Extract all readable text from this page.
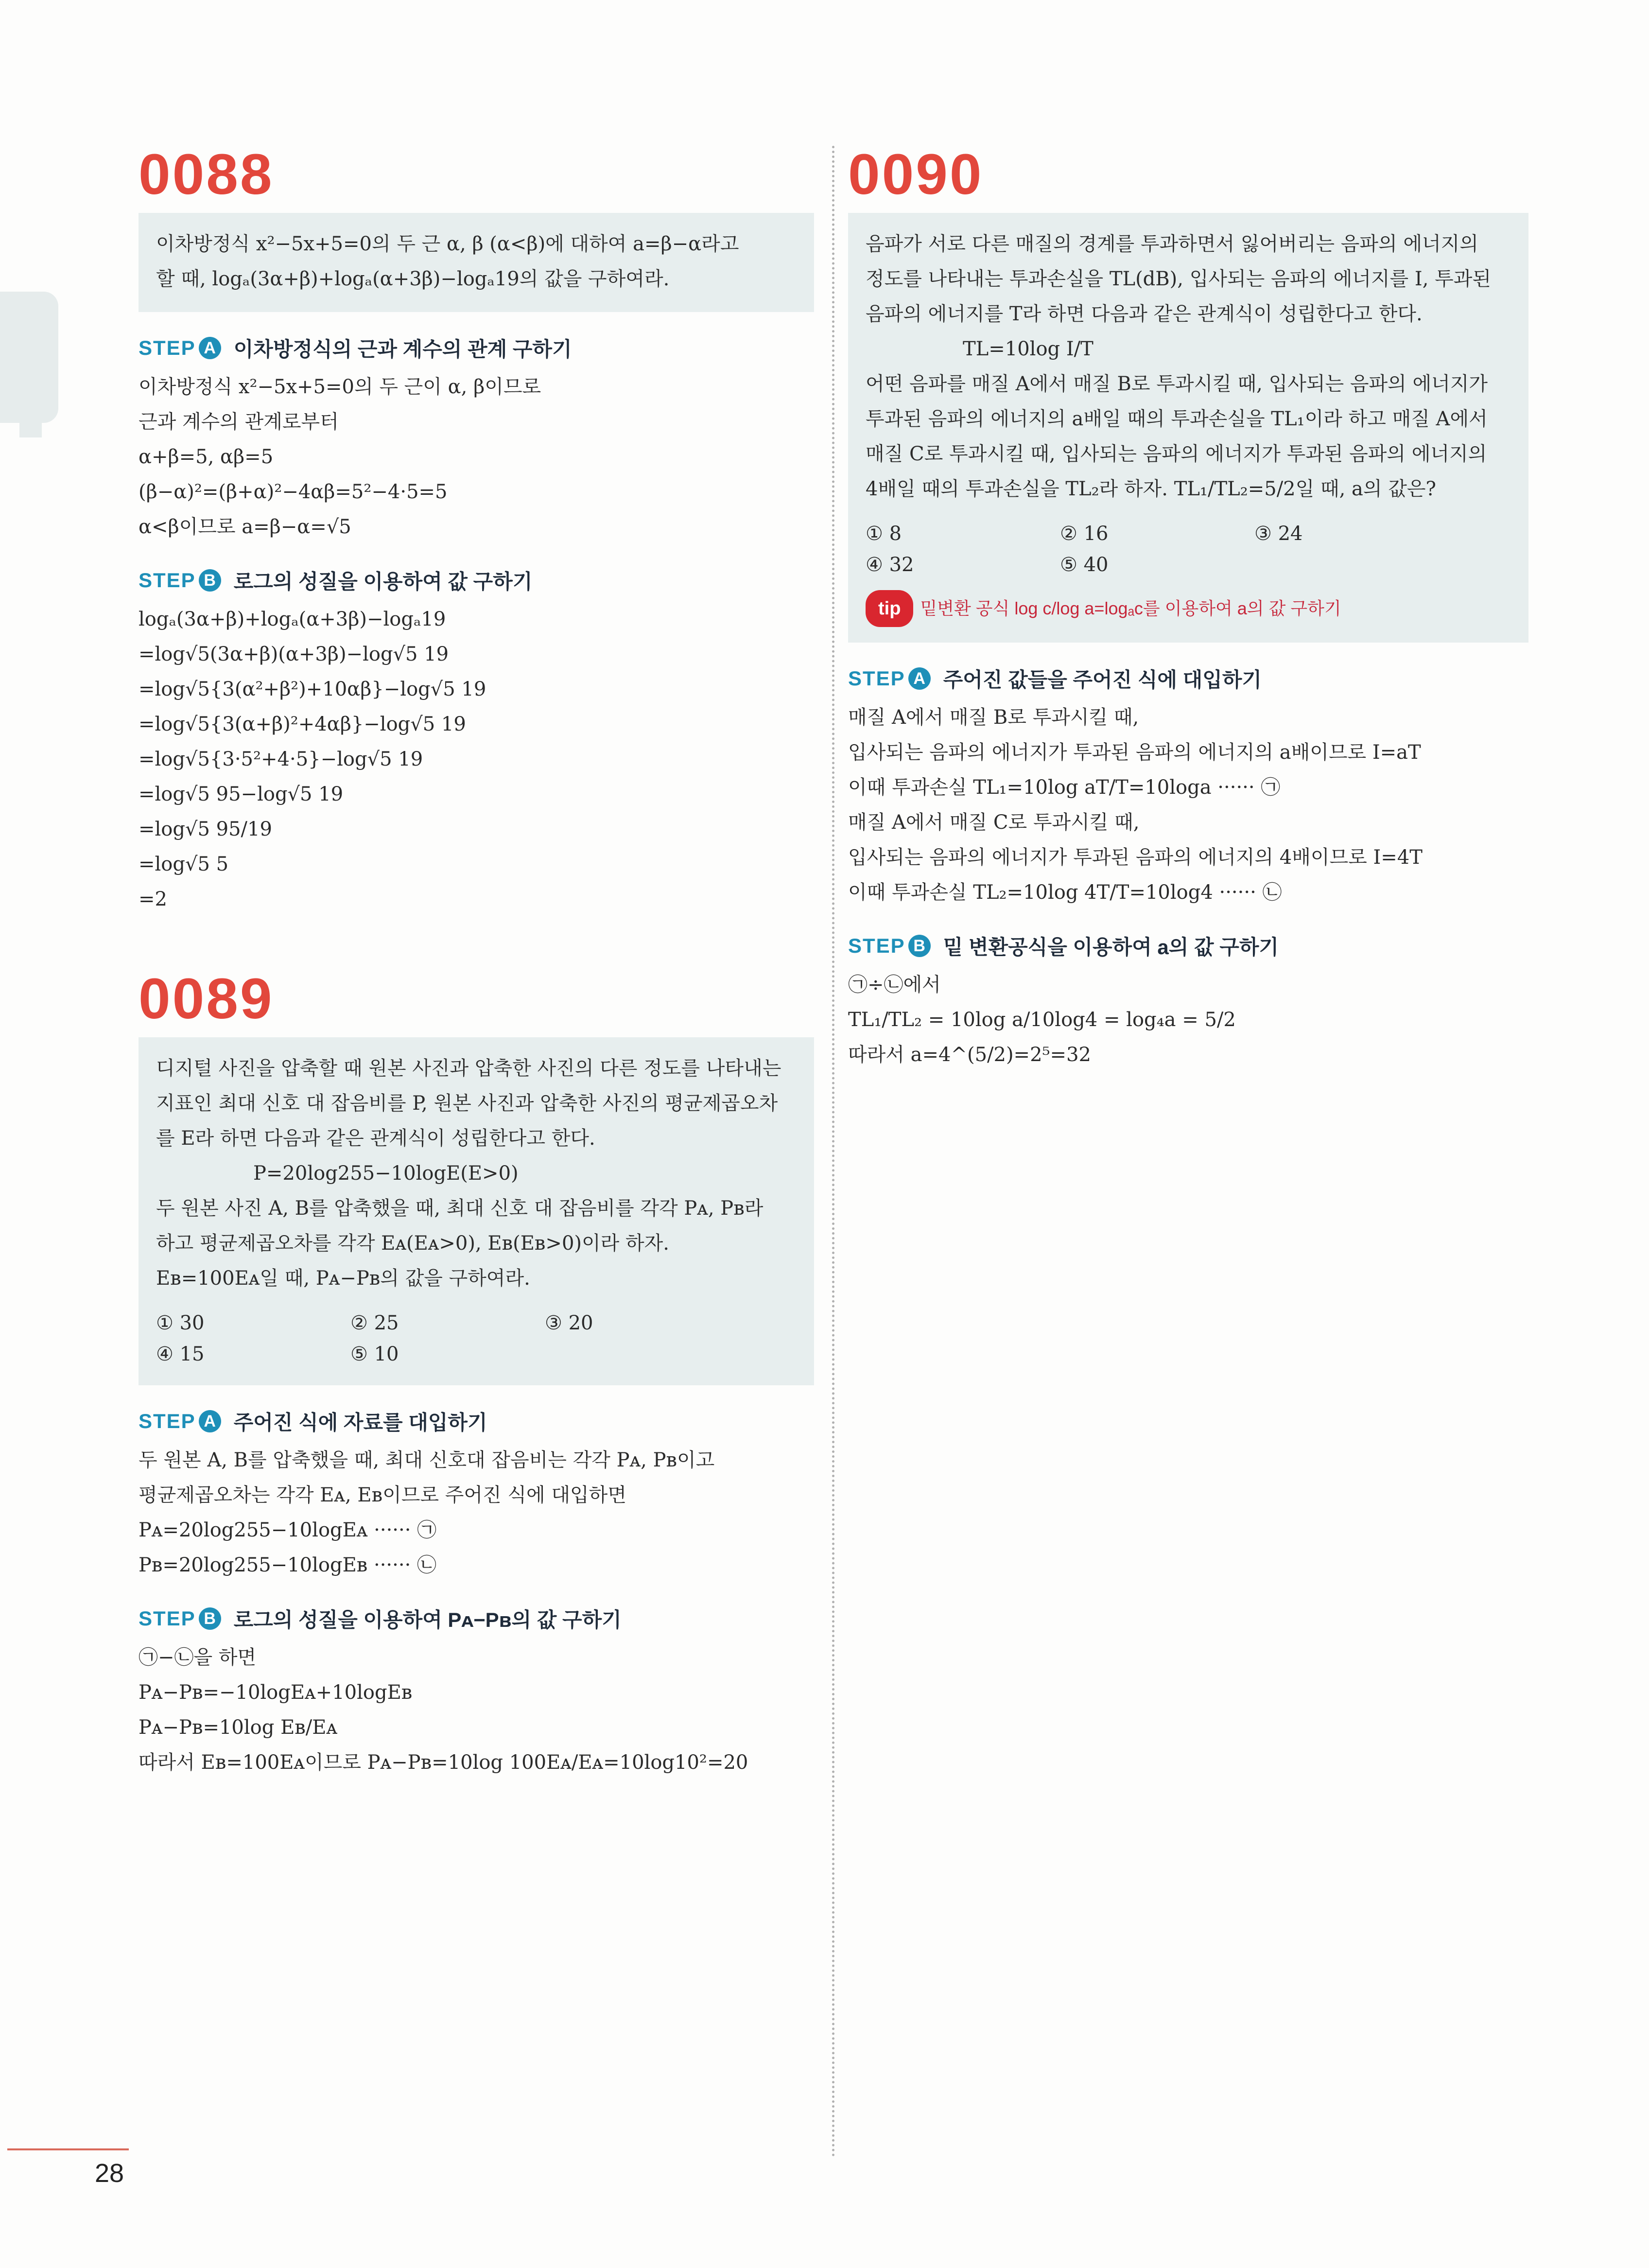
0088

이차방정식 x²−5x+5=0의 두 근 α, β (α<β)에 대하여 a=β−α라고

할 때, logₐ(3α+β)+logₐ(α+3β)−logₐ19의 값을 구하여라.

STEP A 이차방정식의 근과 계수의 관계 구하기

이차방정식 x²−5x+5=0의 두 근이 α, β이므로

근과 계수의 관계로부터

α+β=5, αβ=5

(β−α)²=(β+α)²−4αβ=5²−4·5=5

α<β이므로 a=β−α=√5

STEP B 로그의 성질을 이용하여 값 구하기

logₐ(3α+β)+logₐ(α+3β)−logₐ19

=log√5(3α+β)(α+3β)−log√5 19

=log√5{3(α²+β²)+10αβ}−log√5 19

=log√5{3(α+β)²+4αβ}−log√5 19

=log√5{3·5²+4·5}−log√5 19

=log√5 95−log√5 19

=log√5 95/19

=log√5 5

=2

0089

디지털 사진을 압축할 때 원본 사진과 압축한 사진의 다른 정도를 나타내는

지표인 최대 신호 대 잡음비를 P, 원본 사진과 압축한 사진의 평균제곱오차

를 E라 하면 다음과 같은 관계식이 성립한다고 한다.

P=20log255−10logE(E>0)

두 원본 사진 A, B를 압축했을 때, 최대 신호 대 잡음비를 각각 Pᴀ, Pʙ라

하고 평균제곱오차를 각각 Eᴀ(Eᴀ>0), Eʙ(Eʙ>0)이라 하자.

Eʙ=100Eᴀ일 때, Pᴀ−Pʙ의 값을 구하여라.

① 30	② 25	③ 20
④ 15	⑤ 10
STEP A 주어진 식에 자료를 대입하기

두 원본 A, B를 압축했을 때, 최대 신호대 잡음비는 각각 Pᴀ, Pʙ이고

평균제곱오차는 각각 Eᴀ, Eʙ이므로 주어진 식에 대입하면

Pᴀ=20log255−10logEᴀ ······ ㉠

Pʙ=20log255−10logEʙ ······ ㉡

STEP B 로그의 성질을 이용하여 Pᴀ−Pʙ의 값 구하기

㉠−㉡을 하면

Pᴀ−Pʙ=−10logEᴀ+10logEʙ

Pᴀ−Pʙ=10log Eʙ/Eᴀ

따라서 Eʙ=100Eᴀ이므로 Pᴀ−Pʙ=10log 100Eᴀ/Eᴀ=10log10²=20

0090

음파가 서로 다른 매질의 경계를 투과하면서 잃어버리는 음파의 에너지의

정도를 나타내는 투과손실을 TL(dB), 입사되는 음파의 에너지를 I, 투과된

음파의 에너지를 T라 하면 다음과 같은 관계식이 성립한다고 한다.

TL=10log I/T

어떤 음파를 매질 A에서 매질 B로 투과시킬 때, 입사되는 음파의 에너지가

투과된 음파의 에너지의 a배일 때의 투과손실을 TL₁이라 하고 매질 A에서

매질 C로 투과시킬 때, 입사되는 음파의 에너지가 투과된 음파의 에너지의

4배일 때의 투과손실을 TL₂라 하자. TL₁/TL₂=5/2일 때, a의 값은?

① 8	② 16	③ 24
④ 32	⑤ 40
tip	밑변환 공식 log c/log a=logₐc를 이용하여 a의 값 구하기
STEP A 주어진 값들을 주어진 식에 대입하기

매질 A에서 매질 B로 투과시킬 때,

입사되는 음파의 에너지가 투과된 음파의 에너지의 a배이므로 I=aT

이때 투과손실 TL₁=10log aT/T=10loga ······ ㉠

매질 A에서 매질 C로 투과시킬 때,

입사되는 음파의 에너지가 투과된 음파의 에너지의 4배이므로 I=4T

이때 투과손실 TL₂=10log 4T/T=10log4 ······ ㉡

STEP B 밑 변환공식을 이용하여 a의 값 구하기

㉠÷㉡에서

TL₁/TL₂ = 10log a/10log4 = log₄a = 5/2

따라서 a=4^(5/2)=2⁵=32

28
